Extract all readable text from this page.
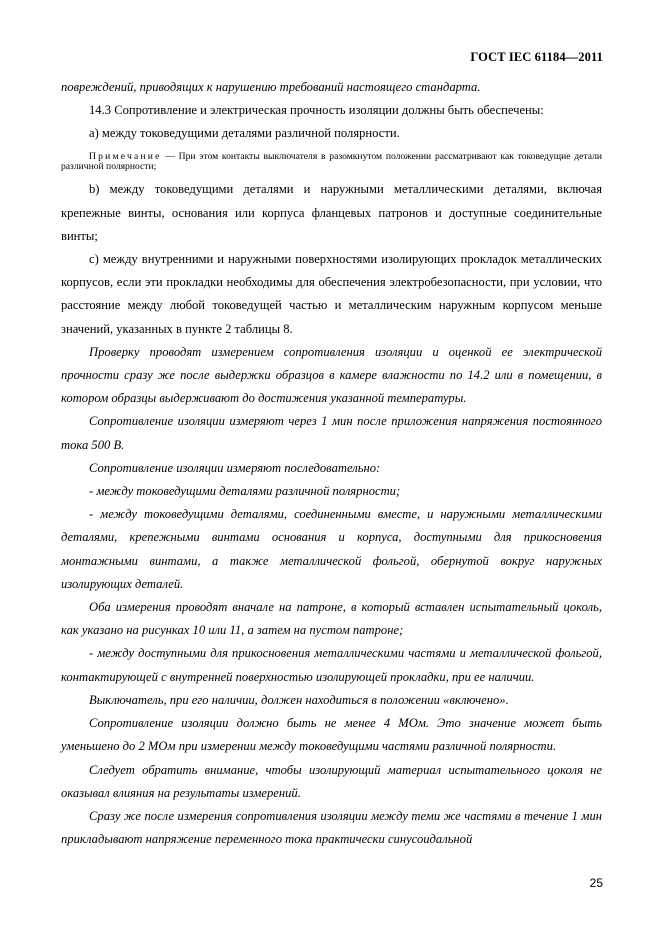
ГОСТ IEC 61184—2011

повреждений, приводящих к нарушению требований настоящего стандарта.

14.3 Сопротивление и электрическая прочность изоляции должны быть обеспечены:

a) между токоведущими деталями различной полярности.

Примечание — При этом контакты выключателя в разомкнутом положении рассматривают как токоведущие детали различной полярности;

b) между токоведущими деталями и наружными металлическими деталями, включая крепежные винты, основания или корпуса фланцевых патронов и доступные соединительные винты;

c) между внутренними и наружными поверхностями изолирующих прокладок металлических корпусов, если эти прокладки необходимы для обеспечения электробезопасности, при условии, что расстояние между любой токоведущей частью и металлическим наружным корпусом меньше значений, указанных в пункте 2 таблицы 8.

Проверку проводят измерением сопротивления изоляции и оценкой ее электрической прочности сразу же после выдержки образцов в камере влажности по 14.2 или в помещении, в котором образцы выдерживают до достижения указанной температуры.

Сопротивление изоляции измеряют через 1 мин после приложения напряжения постоянного тока 500 В.

Сопротивление изоляции измеряют последовательно:

- между токоведущими деталями различной полярности;

- между токоведущими деталями, соединенными вместе, и наружными металлическими деталями, крепежными винтами основания и корпуса, доступными для прикосновения монтажными винтами, а также металлической фольгой, обернутой вокруг наружных изолирующих деталей.

Оба измерения проводят вначале на патроне, в который вставлен испытательный цоколь, как указано на рисунках 10 или 11, а затем на пустом патроне;

- между доступными для прикосновения металлическими частями и металлической фольгой, контактирующей с внутренней поверхностью изолирующей прокладки, при ее наличии.

Выключатель, при его наличии, должен находиться в положении «включено».

Сопротивление изоляции должно быть не менее 4 МОм. Это значение может быть уменьшено до 2 МОм при измерении между токоведущими частями различной полярности.

Следует обратить внимание, чтобы изолирующий материал испытательного цоколя не оказывал влияния на результаты измерений.

Сразу же после измерения сопротивления изоляции между теми же частями в течение 1 мин прикладывают напряжение переменного тока практически синусоидальной

25
